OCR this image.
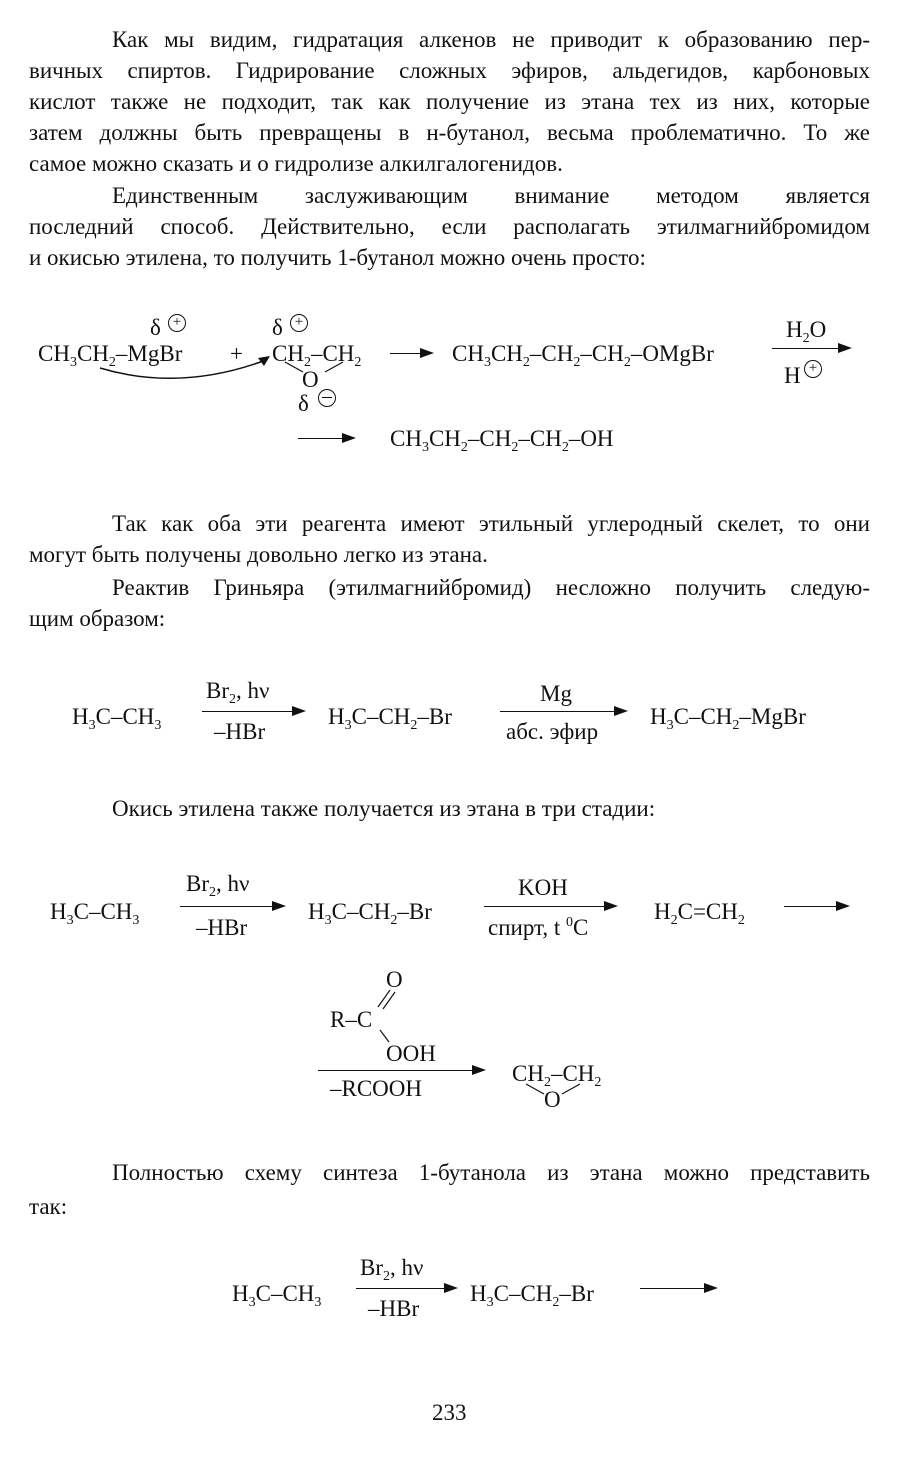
Как мы видим, гидратация алкенов не приводит к образованию пер-
вичных спиртов. Гидрирование сложных эфиров, альдегидов, карбоновых
кислот также не подходит, так как получение из этана тех из них, которые
затем должны быть превращены в н-бутанол, весьма проблематично. То же
самое можно сказать и о гидролизе алкилгалогенидов.
Единственным заслуживающим внимание методом является
последний способ. Действительно, если располагать этилмагнийбромидом
и окисью этилена, то получить 1-бутанол можно очень просто:
δ +
$CH_3CH_2$–MgBr +
δ +
$CH_2-CH_2$
O
δ
$CH_3CH_2-CH_2-CH_2$–OMgBr
$H_2O$
H +
$CH_3CH_2-CH_2-CH_2-OH$
Так как оба эти реагента имеют этильный углеродный скелет, то они
могут быть получены довольно легко из этана.
Реактив Гриньяра (этилмагнийбромид) несложно получить следую-
щим образом:
$H_3C-CH_3$
$Br_2$, hν
–HBr
$H_3C-CH_2-Br$
Mg
абс. эфир
$H_3C-CH_2$–MgBr
Окись этилена также получается из этана в три стадии:
$H_3C-CH_3$
$Br_2$, hν
–HBr
$H_3C-CH_2-Br$
KOH
спирт, t $^0$C
$H_2C=CH_2$
O
R–C
OOH
–RCOOH
$CH_2-CH_2$
O
Полностью схему синтеза 1-бутанола из этана можно представить
так:
$H_3C-CH_3$
$Br_2$, hν
–HBr
$H_3C-CH_2-Br$
233
